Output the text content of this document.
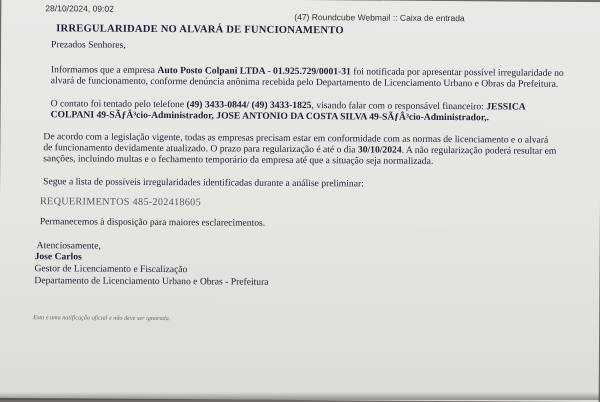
28/10/2024, 09:02
(47) Roundcube Webmail :: Caixa de entrada
IRREGULARIDADE NO ALVARÁ DE FUNCIONAMENTO
Prezados Senhores,
Informamos que a empresa Auto Posto Colpani LTDA - 01.925.729/0001-31 foi notificada por apresentar possível irregularidade no
alvará de funcionamento, conforme denúncia anônima recebida pelo Departamento de Licenciamento Urbano e Obras da Prefeitura.
O contato foi tentado pelo telefone (49) 3433-0844/ (49) 3433-1825, visando falar com o responsável financeiro: JESSICA
COLPANI 49-SÃƒÂ³cio-Administrador, JOSE ANTONIO DA COSTA SILVA 49-SÃƒÂ³cio-Administrador,.
De acordo com a legislação vigente, todas as empresas precisam estar em conformidade com as normas de licenciamento e o alvará
de funcionamento devidamente atualizado. O prazo para regularização é até o dia 30/10/2024. A não regularização poderá resultar em
sanções, incluindo multas e o fechamento temporário da empresa até que a situação seja normalizada.
Segue a lista de possíveis irregularidades identificadas durante a análise preliminar:
REQUERIMENTOS 485-202418605
Permanecemos à disposição para maiores esclarecimentos.
Atenciosamente,
Jose Carlos
Gestor de Licenciamento e Fiscalização
Departamento de Licenciamento Urbano e Obras - Prefeitura
Esta e uma notificação oficial e não deve ser ignorada.
